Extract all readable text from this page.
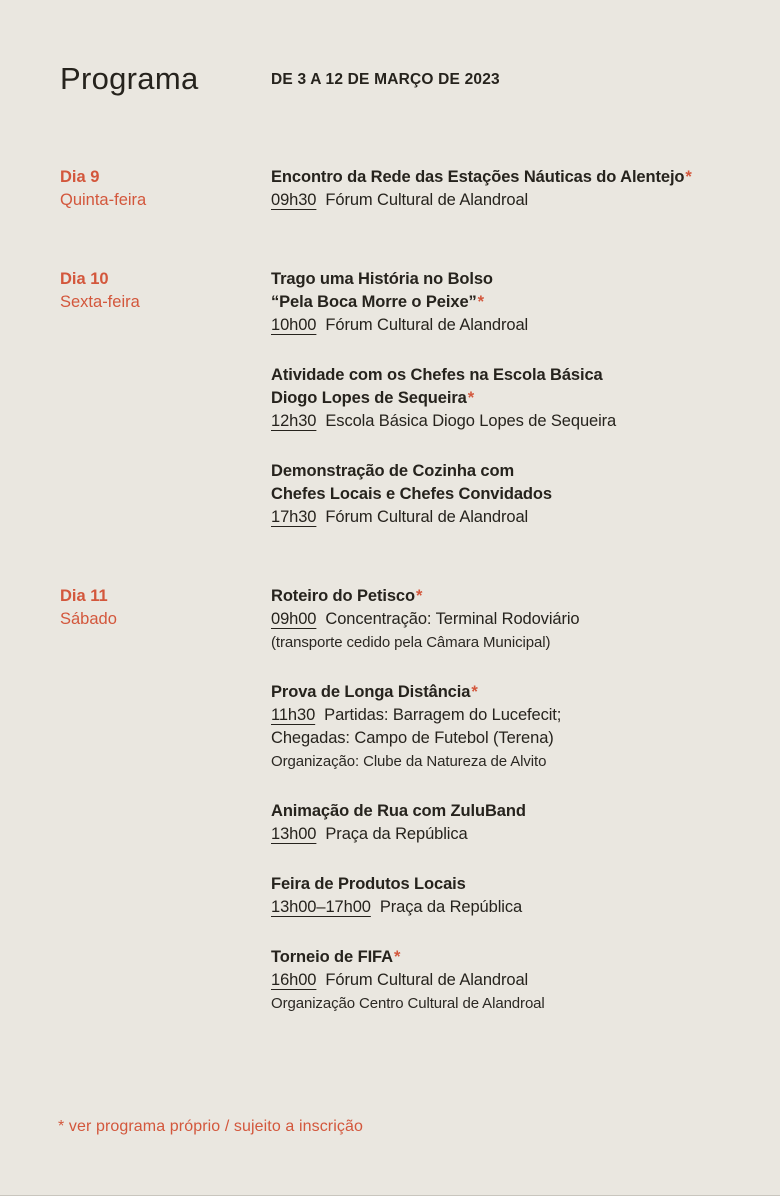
Programa	DE 3 A 12 DE MARÇO DE 2023
Dia 9
Quinta-feira
Encontro da Rede das Estações Náuticas do Alentejo*
09h30 Fórum Cultural de Alandroal
Dia 10
Sexta-feira
Trago uma História no Bolso
“Pela Boca Morre o Peixe”*
10h00 Fórum Cultural de Alandroal
Atividade com os Chefes na Escola Básica
Diogo Lopes de Sequeira*
12h30 Escola Básica Diogo Lopes de Sequeira
Demonstração de Cozinha com
Chefes Locais e Chefes Convidados
17h30 Fórum Cultural de Alandroal
Dia 11
Sábado
Roteiro do Petisco*
09h00 Concentração: Terminal Rodoviário
(transporte cedido pela Câmara Municipal)
Prova de Longa Distância*
11h30 Partidas: Barragem do Lucefecit;
Chegadas: Campo de Futebol (Terena)
Organização: Clube da Natureza de Alvito
Animação de Rua com ZuluBand
13h00 Praça da República
Feira de Produtos Locais
13h00–17h00 Praça da República
Torneio de FIFA*
16h00 Fórum Cultural de Alandroal
Organização Centro Cultural de Alandroal
* ver programa próprio / sujeito a inscrição
